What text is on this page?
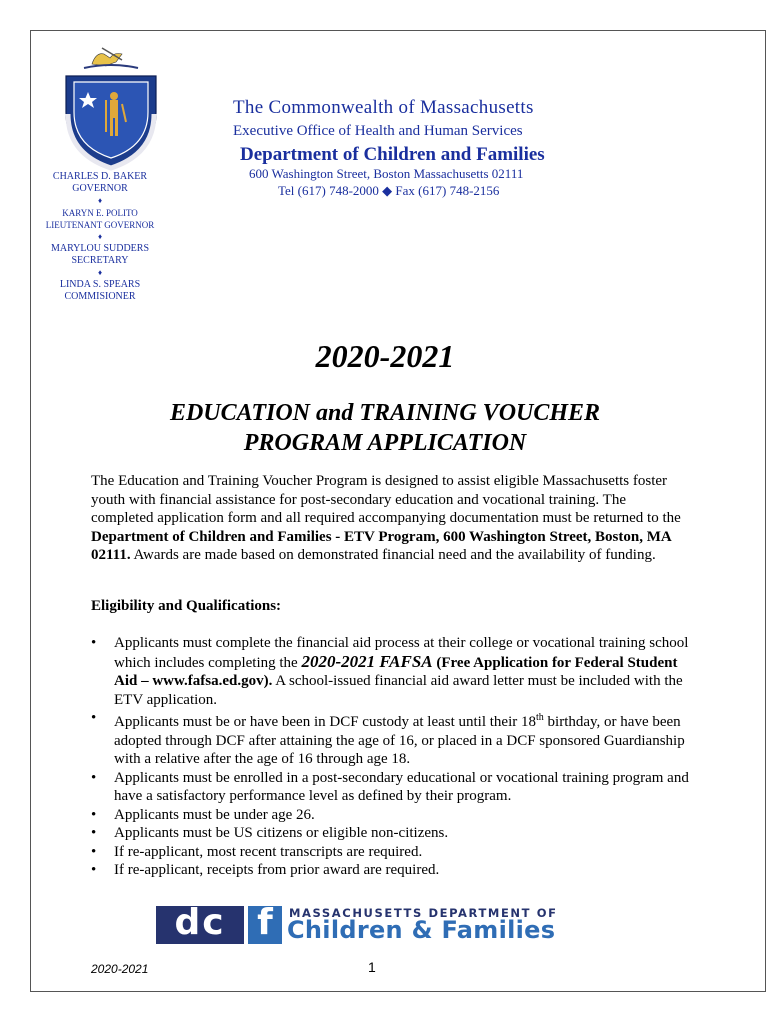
The Commonwealth of Massachusetts
Executive Office of Health and Human Services
Department of Children and Families
600 Washington Street, Boston Massachusetts 02111
Tel (617) 748-2000 ◆ Fax (617) 748-2156
CHARLES D. BAKER
GOVERNOR
♦
KARYN E. POLITO
LIEUTENANT GOVERNOR
♦
MARYLOU SUDDERS
SECRETARY
♦
LINDA S. SPEARS
COMMISIONER
2020-2021
EDUCATION and TRAINING VOUCHER
PROGRAM APPLICATION
The Education and Training Voucher Program is designed to assist eligible Massachusetts foster youth with financial assistance for post-secondary education and vocational training. The completed application form and all required accompanying documentation must be returned to the Department of Children and Families - ETV Program, 600 Washington Street, Boston, MA 02111. Awards are made based on demonstrated financial need and the availability of funding.
Eligibility and Qualifications:
• Applicants must complete the financial aid process at their college or vocational training school which includes completing the 2020-2021 FAFSA (Free Application for Federal Student Aid – www.fafsa.ed.gov). A school-issued financial aid award letter must be included with the ETV application.
• Applicants must be or have been in DCF custody at least until their 18th birthday, or have been adopted through DCF after attaining the age of 16, or placed in a DCF sponsored Guardianship with a relative after the age of 16 through age 18.
• Applicants must be enrolled in a post-secondary educational or vocational training program and have a satisfactory performance level as defined by their program.
• Applicants must be under age 26.
• Applicants must be US citizens or eligible non-citizens.
• If re-applicant, most recent transcripts are required.
• If re-applicant, receipts from prior award are required.
dc f	MASSACHUSETTS DEPARTMENT OF
Children & Families
2020-2021	1
